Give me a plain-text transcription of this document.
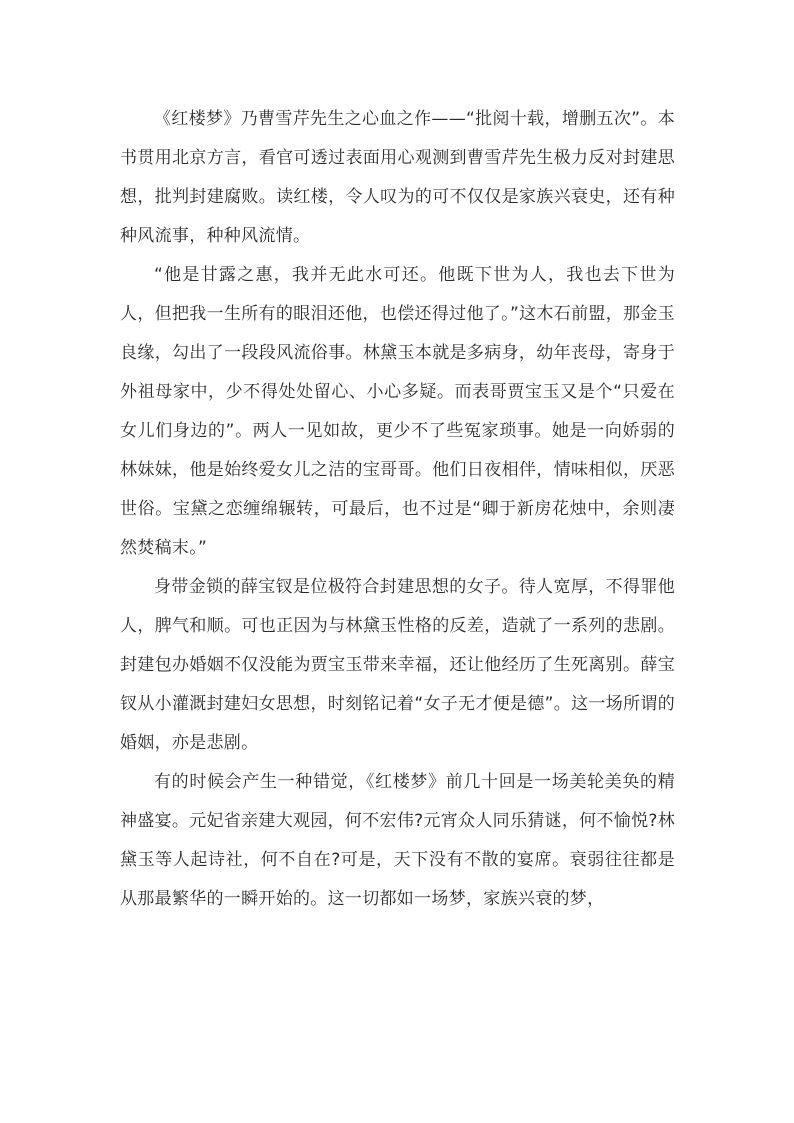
《红楼梦》乃曹雪芹先生之心血之作——“批阅十载，增删五次”。本书贯用北京方言，看官可透过表面用心观测到曹雪芹先生极力反对封建思想，批判封建腐败。读红楼，令人叹为的可不仅仅是家族兴衰史，还有种种风流事，种种风流情。

“他是甘露之惠，我并无此水可还。他既下世为人，我也去下世为人，但把我一生所有的眼泪还他，也偿还得过他了。”这木石前盟，那金玉良缘，勾出了一段段风流俗事。林黛玉本就是多病身，幼年丧母，寄身于外祖母家中，少不得处处留心、小心多疑。而表哥贾宝玉又是个“只爱在女儿们身边的”。两人一见如故，更少不了些冤家琐事。她是一向娇弱的林妹妹，他是始终爱女儿之洁的宝哥哥。他们日夜相伴，情味相似，厌恶世俗。宝黛之恋缠绵辗转，可最后，也不过是“卿于新房花烛中，余则凄然焚稿末。”

身带金锁的薛宝钗是位极符合封建思想的女子。待人宽厚，不得罪他人，脾气和顺。可也正因为与林黛玉性格的反差，造就了一系列的悲剧。封建包办婚姻不仅没能为贾宝玉带来幸福，还让他经历了生死离别。薛宝钗从小灌溉封建妇女思想，时刻铭记着“女子无才便是德”。这一场所谓的婚姻，亦是悲剧。

有的时候会产生一种错觉，《红楼梦》前几十回是一场美轮美奂的精神盛宴。元妃省亲建大观园，何不宏伟?元宵众人同乐猜谜，何不愉悦?林黛玉等人起诗社，何不自在?可是，天下没有不散的宴席。衰弱往往都是从那最繁华的一瞬开始的。这一切都如一场梦，家族兴衰的梦，
